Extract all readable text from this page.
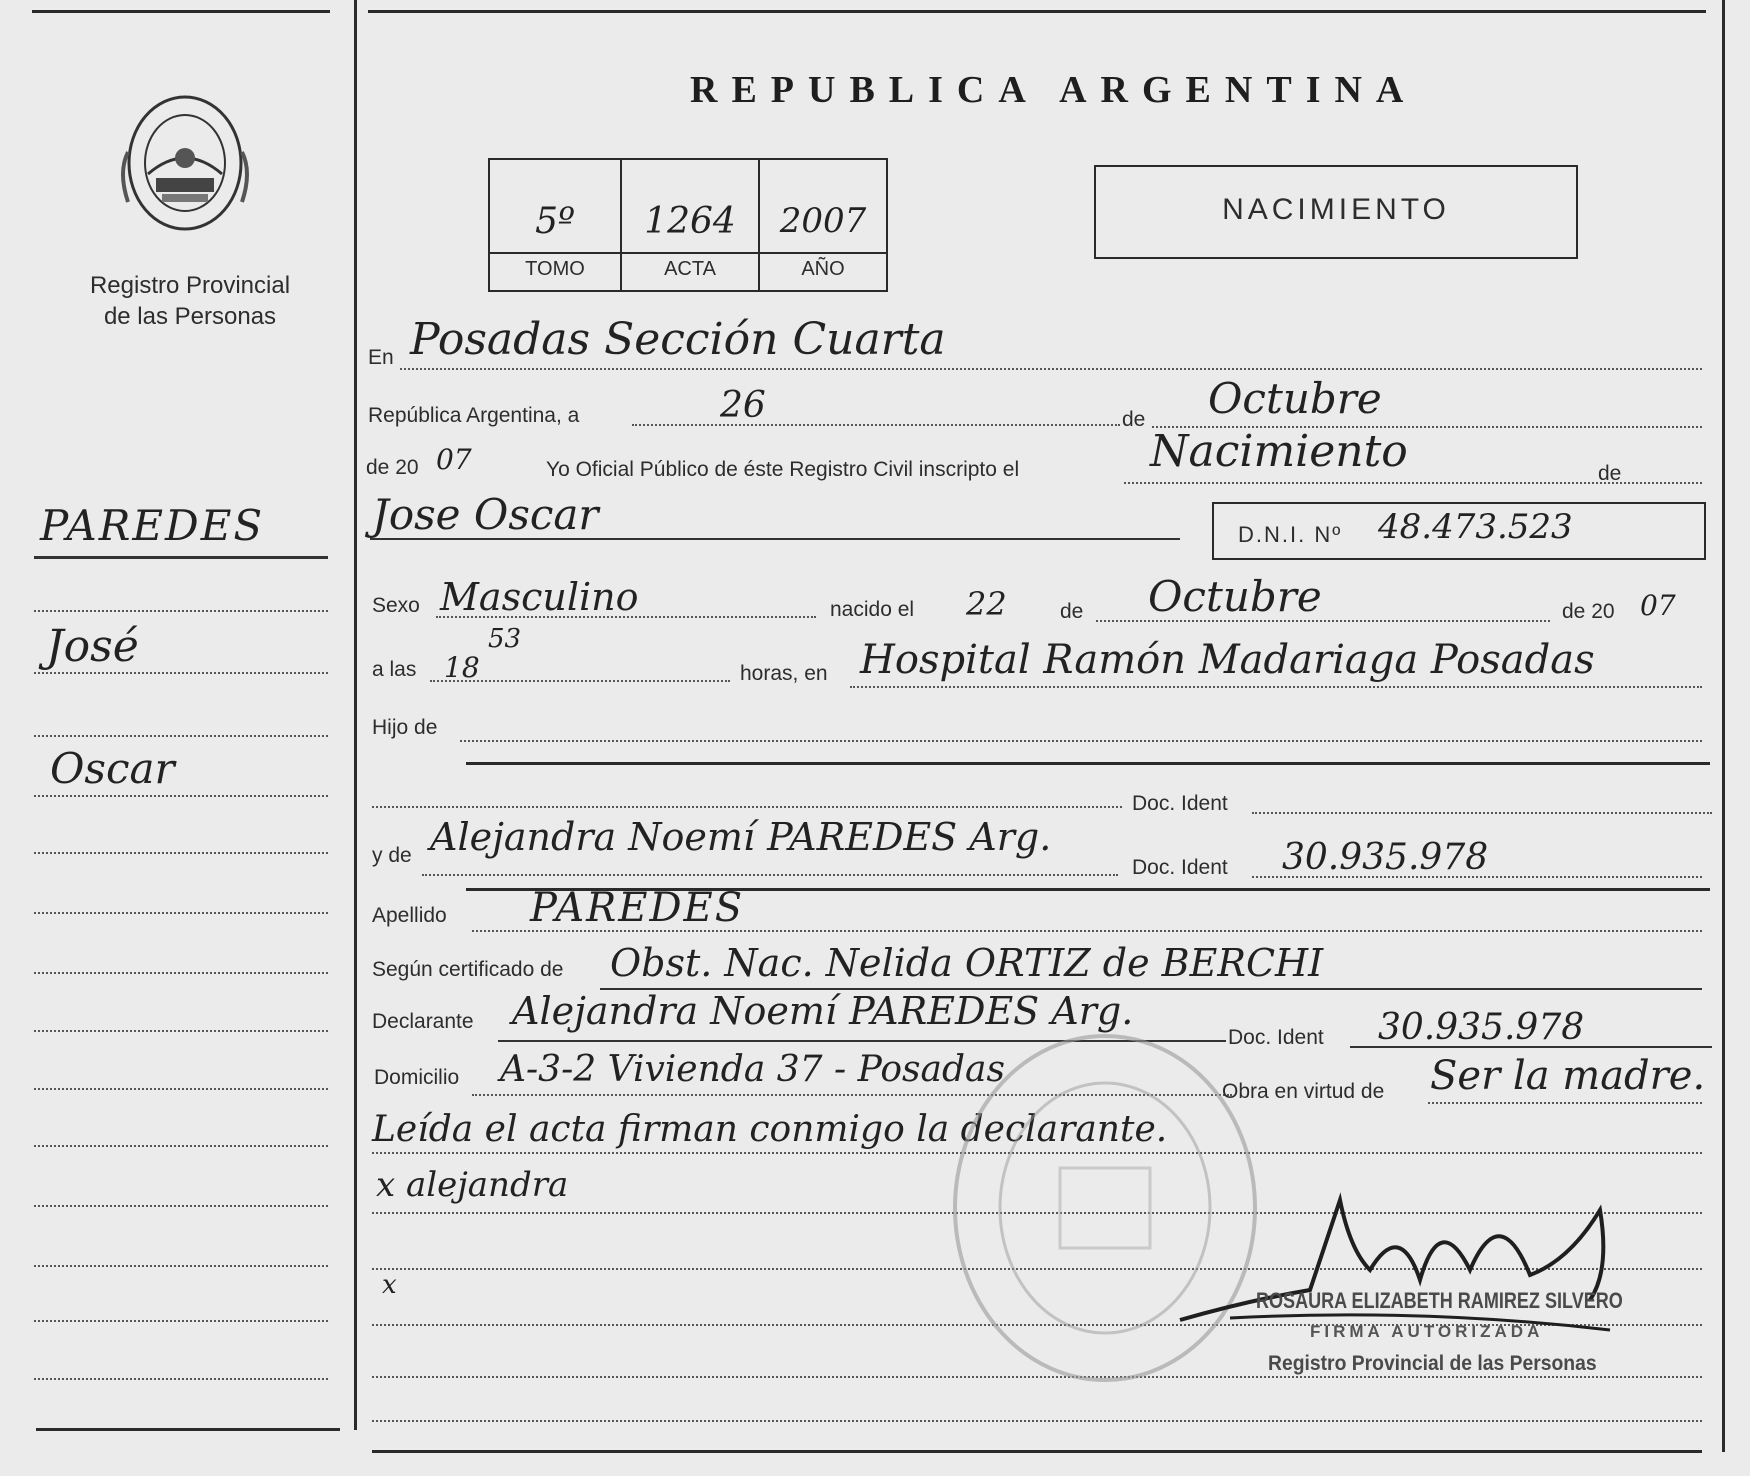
Registro Provincial
de las Personas
PAREDES
José
Oscar
REPUBLICA ARGENTINA
5º	1264	2007
TOMO	ACTA	AÑO
NACIMIENTO
En Posadas Sección Cuarta
República Argentina, a	26	de Octubre
de 20 07	Yo Oficial Público de éste Registro Civil inscripto el	Nacimiento	de
Jose Oscar	D.N.I. Nº 48.473.523
Sexo Masculino	nacido el 22	de Octubre	de 20 07
a las 18
53
horas, en Hospital Ramón Madariaga Posadas
Hijo de
Doc. Ident
y de Alejandra Noemí PAREDES Arg.
Doc. Ident 30.935.978
Apellido PAREDES
Según certificado de Obst. Nac. Nelida ORTIZ de BERCHI
Declarante Alejandra Noemí PAREDES Arg.
Doc. Ident 30.935.978
Domicilio A-3-2 Vivienda 37 - Posadas
Obra en virtud de Ser la madre.
Leída el acta firman conmigo la declarante.
x alejandra
x
ROSAURA ELIZABETH RAMIREZ SILVERO
FIRMA AUTORIZADA
Registro Provincial de las Personas
